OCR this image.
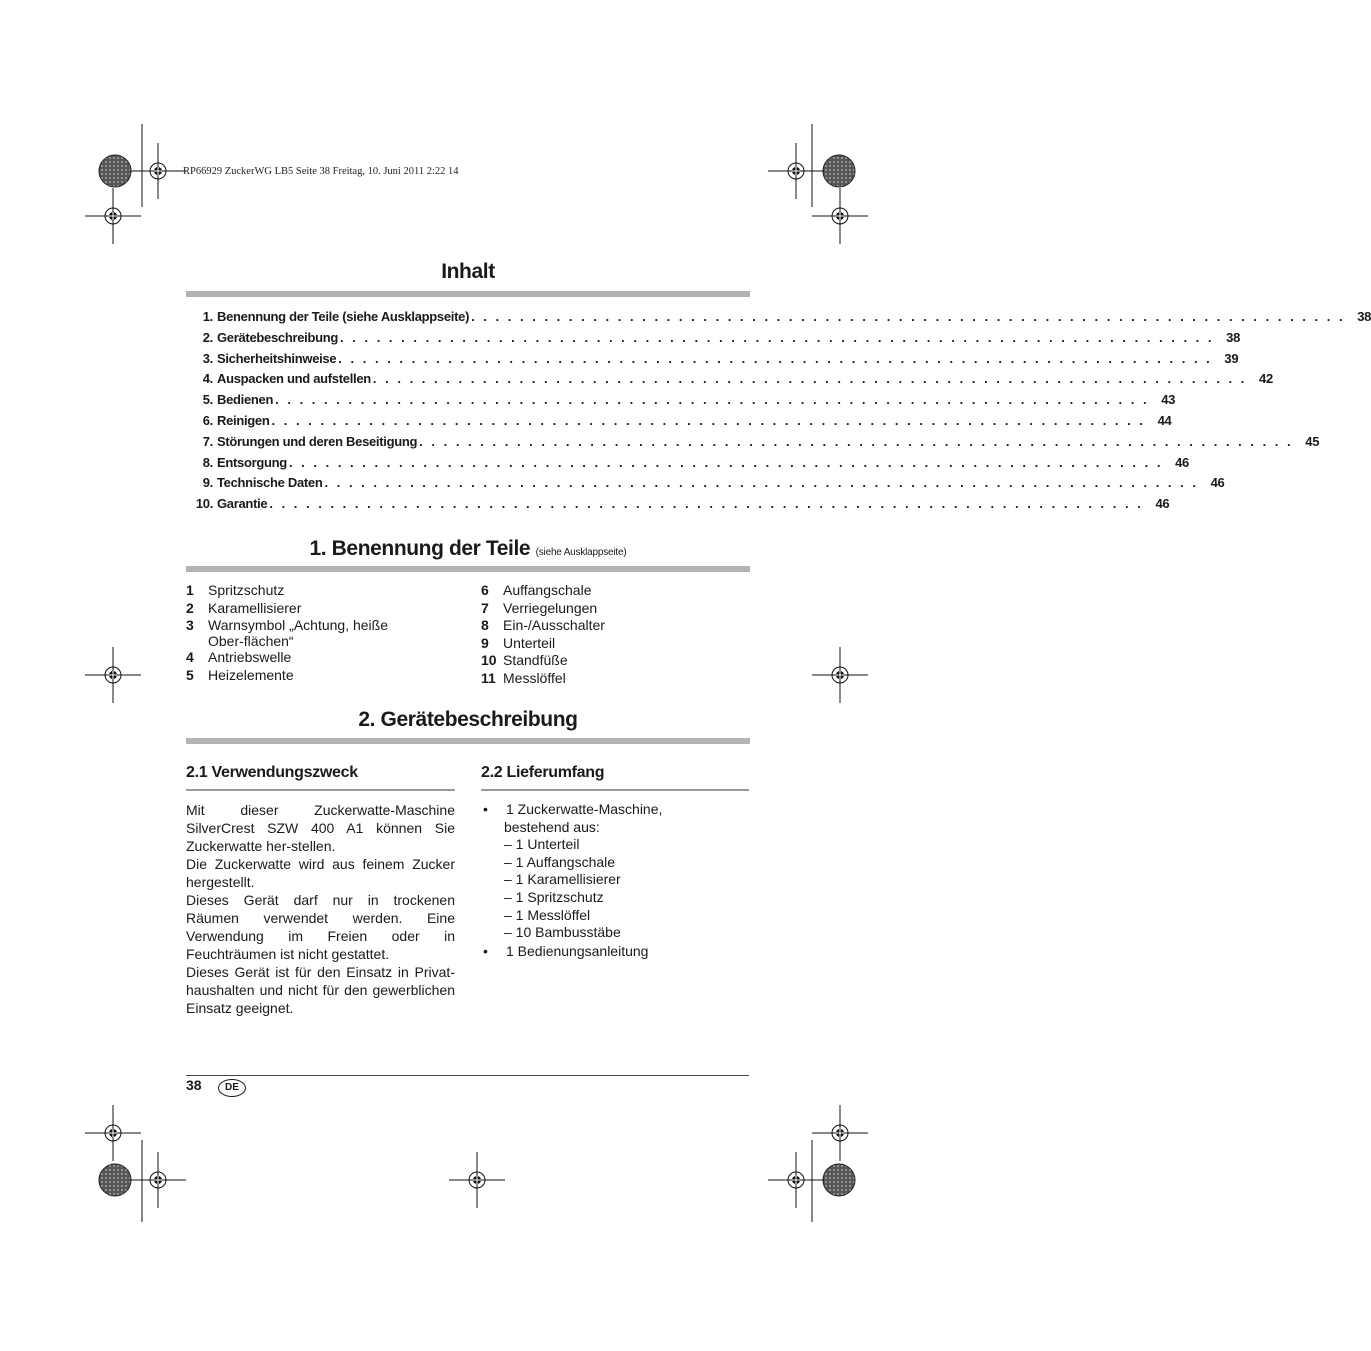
RP66929 ZuckerWG LB5 Seite 38 Freitag, 10. Juni 2011 2:22 14
Inhalt
1. Benennung der Teile (siehe Ausklappseite) . . . . . . . . . . . . . . . . . . . . . . . . . . . . . . . . . . . . . . . . . . . . . . . . . . . . . . . . . . . . . . . . . . . . . . . . 38
2. Gerätebeschreibung . . . . . . . . . . . . . . . . . . . . . . . . . . . . . . . . . . . . . . . . . . . . . . . . . . . . . . . . . . . . . . . . . . . . . . . . 38
3. Sicherheitshinweise . . . . . . . . . . . . . . . . . . . . . . . . . . . . . . . . . . . . . . . . . . . . . . . . . . . . . . . . . . . . . . . . . . . . . . . . 39
4. Auspacken und aufstellen . . . . . . . . . . . . . . . . . . . . . . . . . . . . . . . . . . . . . . . . . . . . . . . . . . . . . . . . . . . . . . . . . . . . . . . . 42
5. Bedienen . . . . . . . . . . . . . . . . . . . . . . . . . . . . . . . . . . . . . . . . . . . . . . . . . . . . . . . . . . . . . . . . . . . . . . . . 43
6. Reinigen . . . . . . . . . . . . . . . . . . . . . . . . . . . . . . . . . . . . . . . . . . . . . . . . . . . . . . . . . . . . . . . . . . . . . . . . 44
7. Störungen und deren Beseitigung . . . . . . . . . . . . . . . . . . . . . . . . . . . . . . . . . . . . . . . . . . . . . . . . . . . . . . . . . . . . . . . . . . . . . . . . 45
8. Entsorgung . . . . . . . . . . . . . . . . . . . . . . . . . . . . . . . . . . . . . . . . . . . . . . . . . . . . . . . . . . . . . . . . . . . . . . . . 46
9. Technische Daten . . . . . . . . . . . . . . . . . . . . . . . . . . . . . . . . . . . . . . . . . . . . . . . . . . . . . . . . . . . . . . . . . . . . . . . . 46
10. Garantie . . . . . . . . . . . . . . . . . . . . . . . . . . . . . . . . . . . . . . . . . . . . . . . . . . . . . . . . . . . . . . . . . . . . . . . . 46
1. Benennung der Teile (siehe Ausklappseite)
1	Spritzschutz
2	Karamellisierer
3	Warnsymbol „Achtung, heiße Ober-flächen“
4	Antriebswelle
5	Heizelemente
6	Auffangschale
7	Verriegelungen
8	Ein-/Ausschalter
9	Unterteil
10 Standfüße
11 Messlöffel
2. Gerätebeschreibung
2.1 Verwendungszweck

Mit dieser Zuckerwatte-Maschine SilverCrest SZW 400 A1 können Sie Zuckerwatte her-stellen.

Die Zuckerwatte wird aus feinem Zucker hergestellt.

Dieses Gerät darf nur in trockenen Räumen verwendet werden. Eine Verwendung im Freien oder in Feuchträumen ist nicht gestattet.

Dieses Gerät ist für den Einsatz in Privat-haushalten und nicht für den gewerblichen Einsatz geeignet.

2.2 Lieferumfang
•	1 Zuckerwatte-Maschine,
bestehend aus:
– 1 Unterteil
– 1 Auffangschale
– 1 Karamellisierer
– 1 Spritzschutz
– 1 Messlöffel
– 10 Bambusstäbe
•	1 Bedienungsanleitung
38	DE
